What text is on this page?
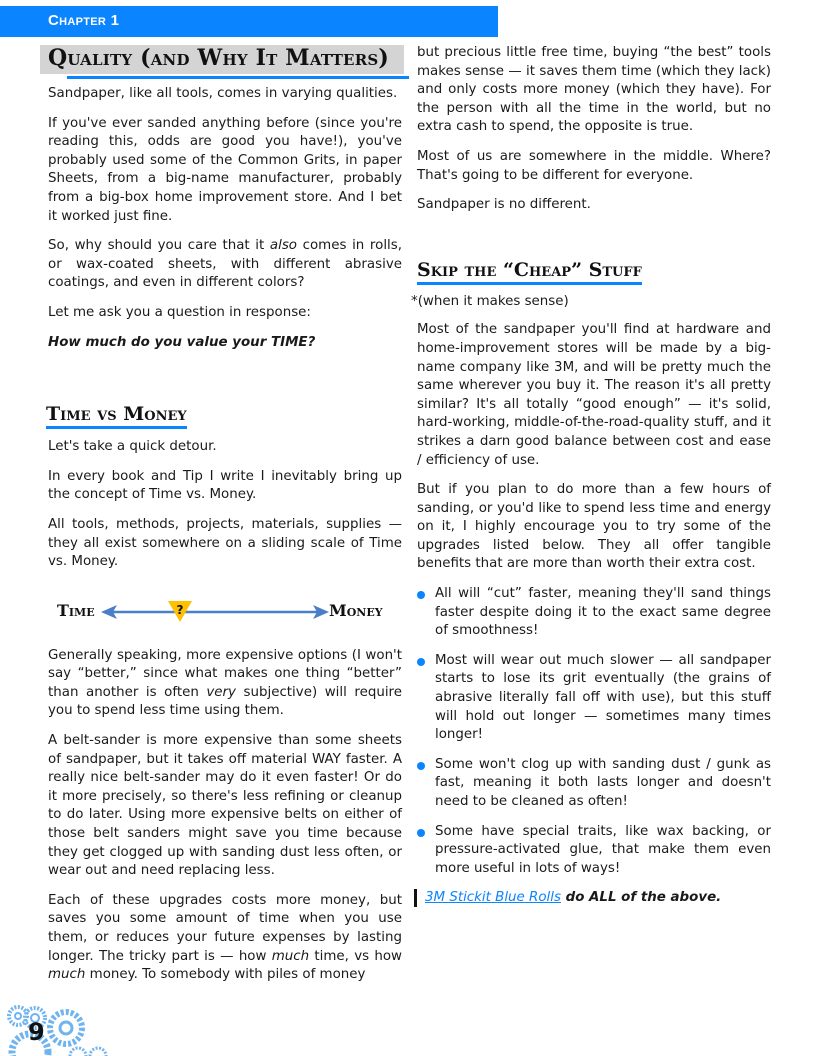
Chapter 1
Quality (and Why It Matters)

Sandpaper, like all tools, comes in varying qualities.

If you've ever sanded anything before (since you're reading this, odds are good you have!), you've probably used some of the Common Grits, in paper Sheets, from a big-name manufacturer, probably from a big-box home improvement store. And I bet it worked just fine.

So, why should you care that it also comes in rolls, or wax-coated sheets, with different abrasive coatings, and even in different colors?

Let me ask you a question in response:

How much do you value your TIME?

Time vs Money

Let's take a quick detour.

In every book and Tip I write I inevitably bring up the concept of Time vs. Money.

All tools, methods, projects, materials, supplies — they all exist somewhere on a sliding scale of Time vs. Money.

Generally speaking, more expensive options (I won't say “better,” since what makes one thing “better” than another is often very subjective) will require you to spend less time using them.

A belt-sander is more expensive than some sheets of sandpaper, but it takes off material WAY faster. A really nice belt-sander may do it even faster! Or do it more precisely, so there's less refining or cleanup to do later. Using more expensive belts on either of those belt sanders might save you time because they get clogged up with sanding dust less often, or wear out and need replacing less.

Each of these upgrades costs more money, but saves you some amount of time when you use them, or reduces your future expenses by lasting longer. The tricky part is — how much time, vs how much money. To somebody with piles of money

Time	?	Money

but precious little free time, buying “the best” tools makes sense — it saves them time (which they lack) and only costs more money (which they have). For the person with all the time in the world, but no extra cash to spend, the opposite is true.

Most of us are somewhere in the middle. Where? That's going to be different for everyone.

Sandpaper is no different.

Skip the “Cheap” Stuff

*(when it makes sense)

Most of the sandpaper you'll find at hardware and home-improvement stores will be made by a big-name company like 3M, and will be pretty much the same wherever you buy it. The reason it's all pretty similar? It's all totally “good enough” — it's solid, hard-working, middle-of-the-road-quality stuff, and it strikes a darn good balance between cost and ease / efficiency of use.

But if you plan to do more than a few hours of sanding, or you'd like to spend less time and energy on it, I highly encourage you to try some of the upgrades listed below. They all offer tangible benefits that are more than worth their extra cost.

All will “cut” faster, meaning they'll sand things faster despite doing it to the exact same degree of smoothness!
Most will wear out much slower — all sandpaper starts to lose its grit eventually (the grains of abrasive literally fall off with use), but this stuff will hold out longer — sometimes many times longer!
Some won't clog up with sanding dust / gunk as fast, meaning it both lasts longer and doesn't need to be cleaned as often!
Some have special traits, like wax backing, or pressure-activated glue, that make them even more useful in lots of ways!
3M Stickit Blue Rolls do ALL of the above.
9
